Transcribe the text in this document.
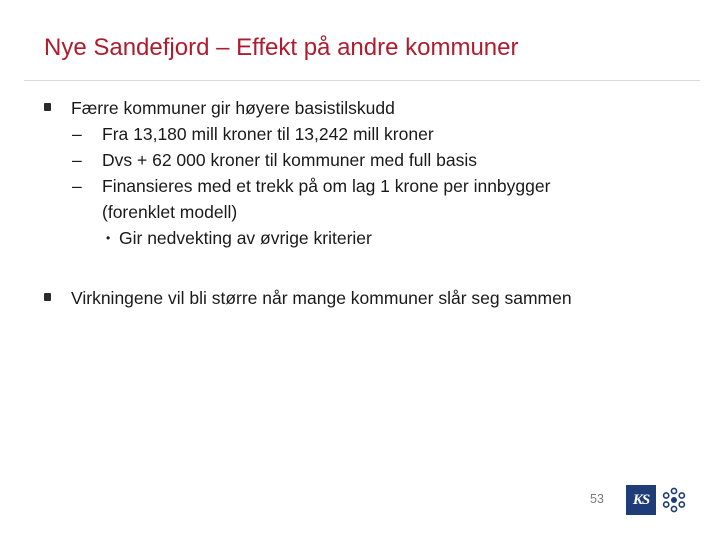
Nye Sandefjord – Effekt på andre kommuner
Færre kommuner gir høyere basistilskudd
– Fra 13,180 mill kroner til 13,242 mill kroner
– Dvs + 62 000 kroner til kommuner med full basis
– Finansieres med et trekk på om lag 1 krone per innbygger
(forenklet modell)
• Gir nedvekting av øvrige kriterier
Virkningene vil bli større når mange kommuner slår seg sammen
53	KS
